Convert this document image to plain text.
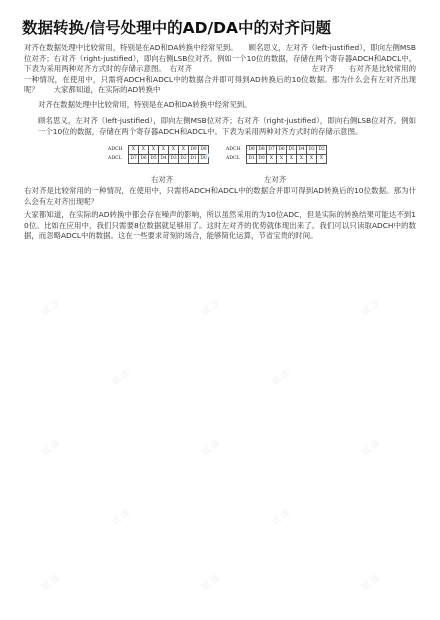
数据转换/信号处理中的AD/DA中的对齐问题

对齐在数据处理中比较常用，特别是在AD和DA转换中经常见到。　　顾名思义，左对齐（left-justified），即向左侧MSB位对齐；右对齐（right-justified），即向右侧LSB位对齐。例如一个10位的数据，存储在两个寄存器ADCH和ADCL中。下表为采用两种对齐方式时的存储示意图。　右对齐　　　　　　　　　　　　　　　　左对齐　　右对齐是比较常用的一种情况，在使用中，只需将ADCH和ADCL中的数据合并即可得到AD转换后的10位数据。那为什么会有左对齐出现呢？　　大家都知道，在实际的AD转换中

对齐在数据处理中比较常用，特别是在AD和DA转换中经常见到。

顾名思义，左对齐（left-justified），即向左侧MSB位对齐；右对齐（right-justified），即向右侧LSB位对齐。例如一个10位的数据，存储在两个寄存器ADCH和ADCL中。下表为采用两种对齐方式时的存储示意图。

ADCH	X	X	X	X	X	X	D9	D8
ADCL	D7	D6	D5	D4	D3	D2	D1	D0
ADCH	D9	D8	D7	D6	D5	D4	D3	D2
ADCL	D1	D0	X	X	X	X	X	X
右对齐	左对齐

右对齐是比较常用的一种情况，在使用中，只需将ADCH和ADCL中的数据合并即可得到AD转换后的10位数据。那为什么会有左对齐出现呢？

大家都知道，在实际的AD转换中都会存在噪声的影响，所以虽然采用的为10位ADC，但是实际的转换结果可能达不到10位。比如在应用中，我们只需要8位数据就足够用了。这时左对齐的优势就体现出来了。我们可以只读取ADCH中的数据，而忽略ADCL中的数据。这在一些要求苛刻的场合，能够简化运算，节省宝贵的时间。

▣
试读	试读	试读
试读	试读
试读	试读	试读
试读	试读
试读	试读	试读
